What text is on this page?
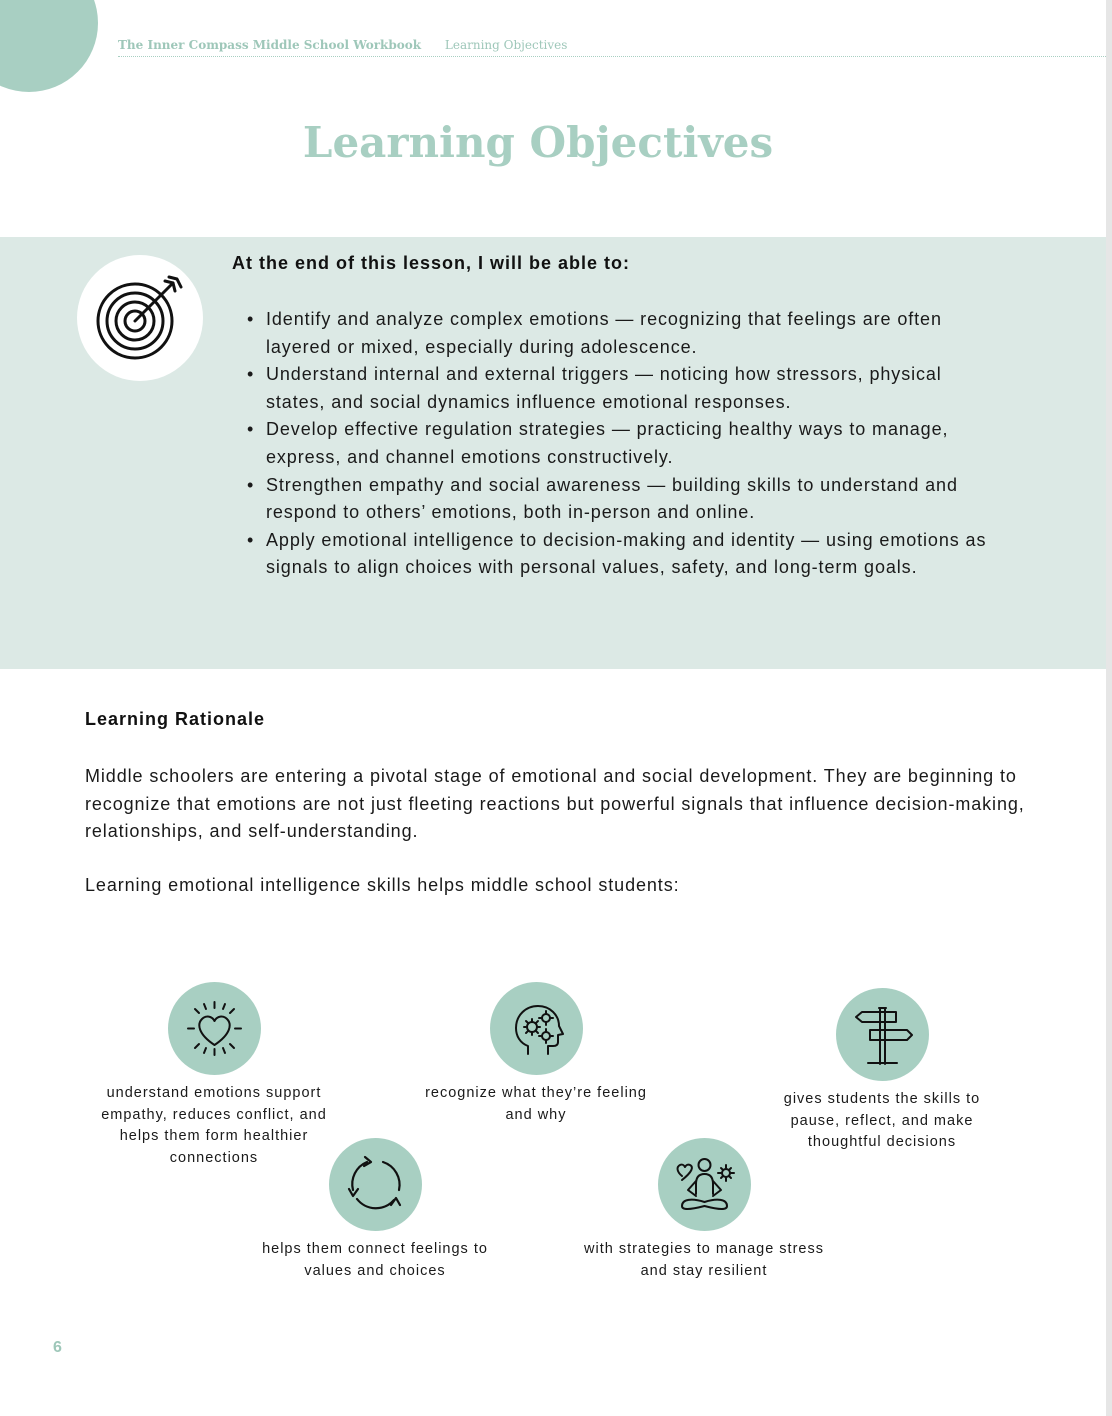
The Inner Compass Middle School Workbook Learning Objectives
Learning Objectives
At the end of this lesson, I will be able to:
• Identify and analyze complex emotions — recognizing that feelings are often layered or mixed, especially during adolescence.
• Understand internal and external triggers — noticing how stressors, physical states, and social dynamics influence emotional responses.
• Develop effective regulation strategies — practicing healthy ways to manage, express, and channel emotions constructively.
• Strengthen empathy and social awareness — building skills to understand and respond to others’ emotions, both in-person and online.
• Apply emotional intelligence to decision-making and identity — using emotions as signals to align choices with personal values, safety, and long-term goals.
Learning Rationale

Middle schoolers are entering a pivotal stage of emotional and social development. They are beginning to recognize that emotions are not just fleeting reactions but powerful signals that influence decision-making, relationships, and self-understanding.

Learning emotional intelligence skills helps middle school students:

understand emotions support empathy, reduces conflict, and helps them form healthier connections
recognize what they’re feeling and why
gives students the skills to pause, reflect, and make thoughtful decisions
helps them connect feelings to values and choices
with strategies to manage stress and stay resilient
6
